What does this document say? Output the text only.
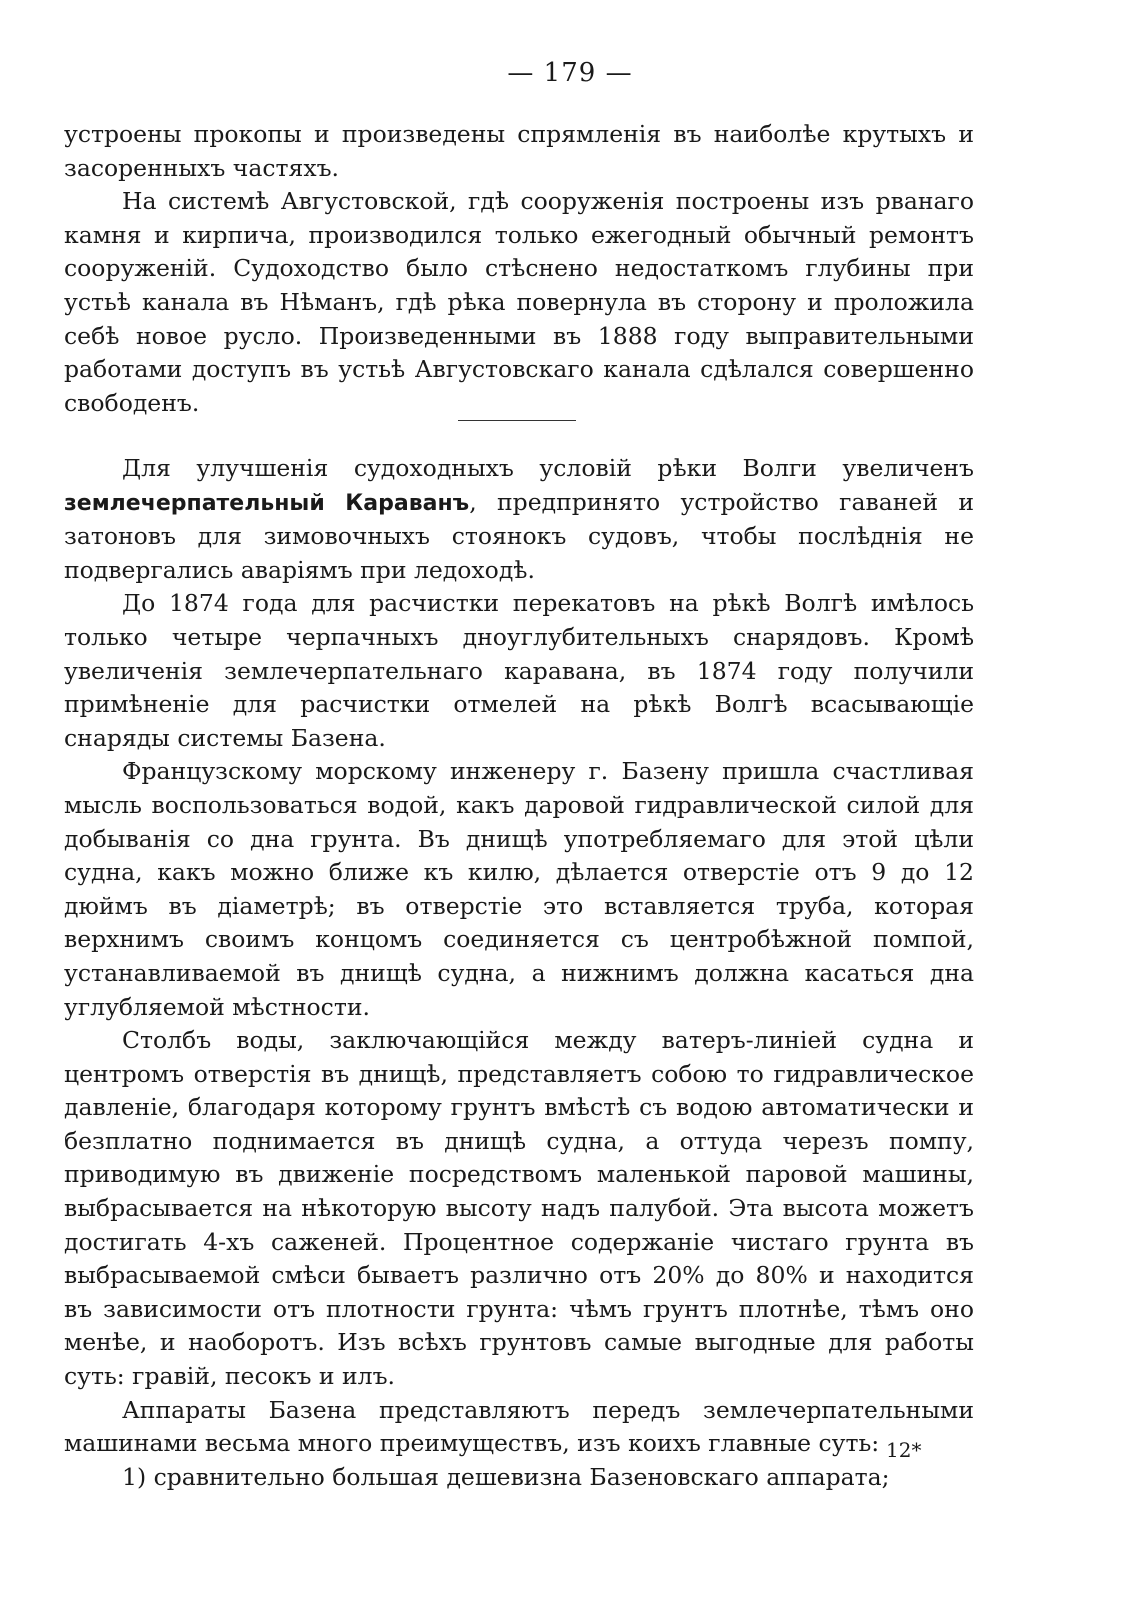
— 179 —

устроены прокопы и произведены спрямленія въ наиболѣе крутыхъ и засоренныхъ частяхъ.

На системѣ Августовской, гдѣ сооруженія построены изъ рванаго камня и кирпича, производился только ежегодный обычный ремонтъ сооруженій. Судоходство было стѣснено недостаткомъ глубины при устьѣ канала въ Нѣманъ, гдѣ рѣка повернула въ сторону и проложила себѣ новое русло. Произведенными въ 1888 году выправительными работами доступъ въ устьѣ Августовскаго канала сдѣлался совершенно свободенъ.

Для улучшенія судоходныхъ условій рѣки Волги увеличенъ землечерпательный Караванъ, предпринято устройство гаваней и затоновъ для зимовочныхъ стоянокъ судовъ, чтобы послѣднія не подвергались аваріямъ при ледоходѣ.

До 1874 года для расчистки перекатовъ на рѣкѣ Волгѣ имѣлось только четыре черпачныхъ дноуглубительныхъ снарядовъ. Кромѣ увеличенія землечерпательнаго каравана, въ 1874 году получили примѣненіе для расчистки отмелей на рѣкѣ Волгѣ всасывающіе снаряды системы Базена.

Французскому морскому инженеру г. Базену пришла счастливая мысль воспользоваться водой, какъ даровой гидравлической силой для добыванія со дна грунта. Въ днищѣ употребляемаго для этой цѣли судна, какъ можно ближе къ килю, дѣлается отверстіе отъ 9 до 12 дюймъ въ діаметрѣ; въ отверстіе это вставляется труба, которая верхнимъ своимъ концомъ соединяется съ центробѣжной помпой, устанавливаемой въ днищѣ судна, а нижнимъ должна касаться дна углубляемой мѣстности.

Столбъ воды, заключающійся между ватеръ-линіей судна и центромъ отверстія въ днищѣ, представляетъ собою то гидравлическое давленіе, благодаря которому грунтъ вмѣстѣ съ водою автоматически и безплатно поднимается въ днищѣ судна, а оттуда черезъ помпу, приводимую въ движеніе посредствомъ маленькой паровой машины, выбрасывается на нѣкоторую высоту надъ палубой. Эта высота можетъ достигать 4-хъ саженей. Процентное содержаніе чистаго грунта въ выбрасываемой смѣси бываетъ различно отъ 20% до 80% и находится въ зависимости отъ плотности грунта: чѣмъ грунтъ плотнѣе, тѣмъ оно менѣе, и наоборотъ. Изъ всѣхъ грунтовъ самые выгодные для работы суть: гравій, песокъ и илъ.

Аппараты Базена представляютъ передъ землечерпательными машинами весьма много преимуществъ, изъ коихъ главные суть:

1) сравнительно большая дешевизна Базеновскаго аппарата;

12*
